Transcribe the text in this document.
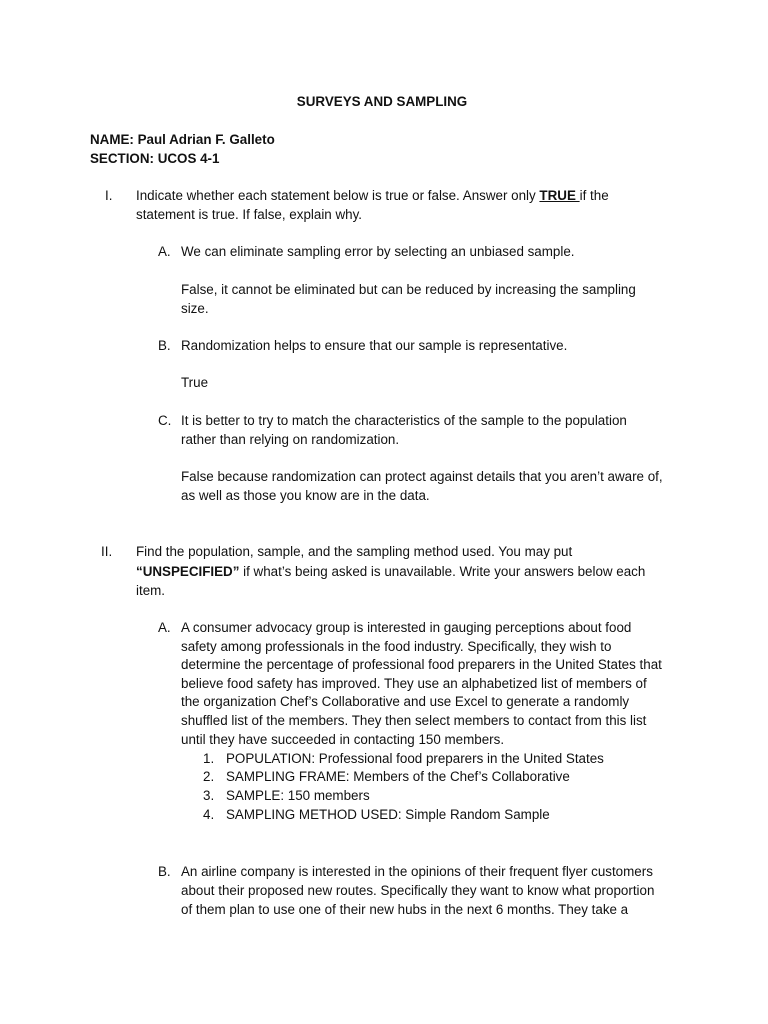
SURVEYS AND SAMPLING
NAME: Paul Adrian F. Galleto
SECTION: UCOS 4-1
I. Indicate whether each statement below is true or false. Answer only TRUE if the
statement is true. If false, explain why.
A. We can eliminate sampling error by selecting an unbiased sample.
False, it cannot be eliminated but can be reduced by increasing the sampling
size.
B. Randomization helps to ensure that our sample is representative.
True
C. It is better to try to match the characteristics of the sample to the population
rather than relying on randomization.
False because randomization can protect against details that you aren’t aware of,
as well as those you know are in the data.
II. Find the population, sample, and the sampling method used. You may put
“UNSPECIFIED” if what’s being asked is unavailable. Write your answers below each
item.
A. A consumer advocacy group is interested in gauging perceptions about food
safety among professionals in the food industry. Specifically, they wish to
determine the percentage of professional food preparers in the United States that
believe food safety has improved. They use an alphabetized list of members of
the organization Chef’s Collaborative and use Excel to generate a randomly
shuffled list of the members. They then select members to contact from this list
until they have succeeded in contacting 150 members.
1. POPULATION: Professional food preparers in the United States
2. SAMPLING FRAME: Members of the Chef’s Collaborative
3. SAMPLE: 150 members
4. SAMPLING METHOD USED: Simple Random Sample
B. An airline company is interested in the opinions of their frequent flyer customers
about their proposed new routes. Specifically they want to know what proportion
of them plan to use one of their new hubs in the next 6 months. They take a
